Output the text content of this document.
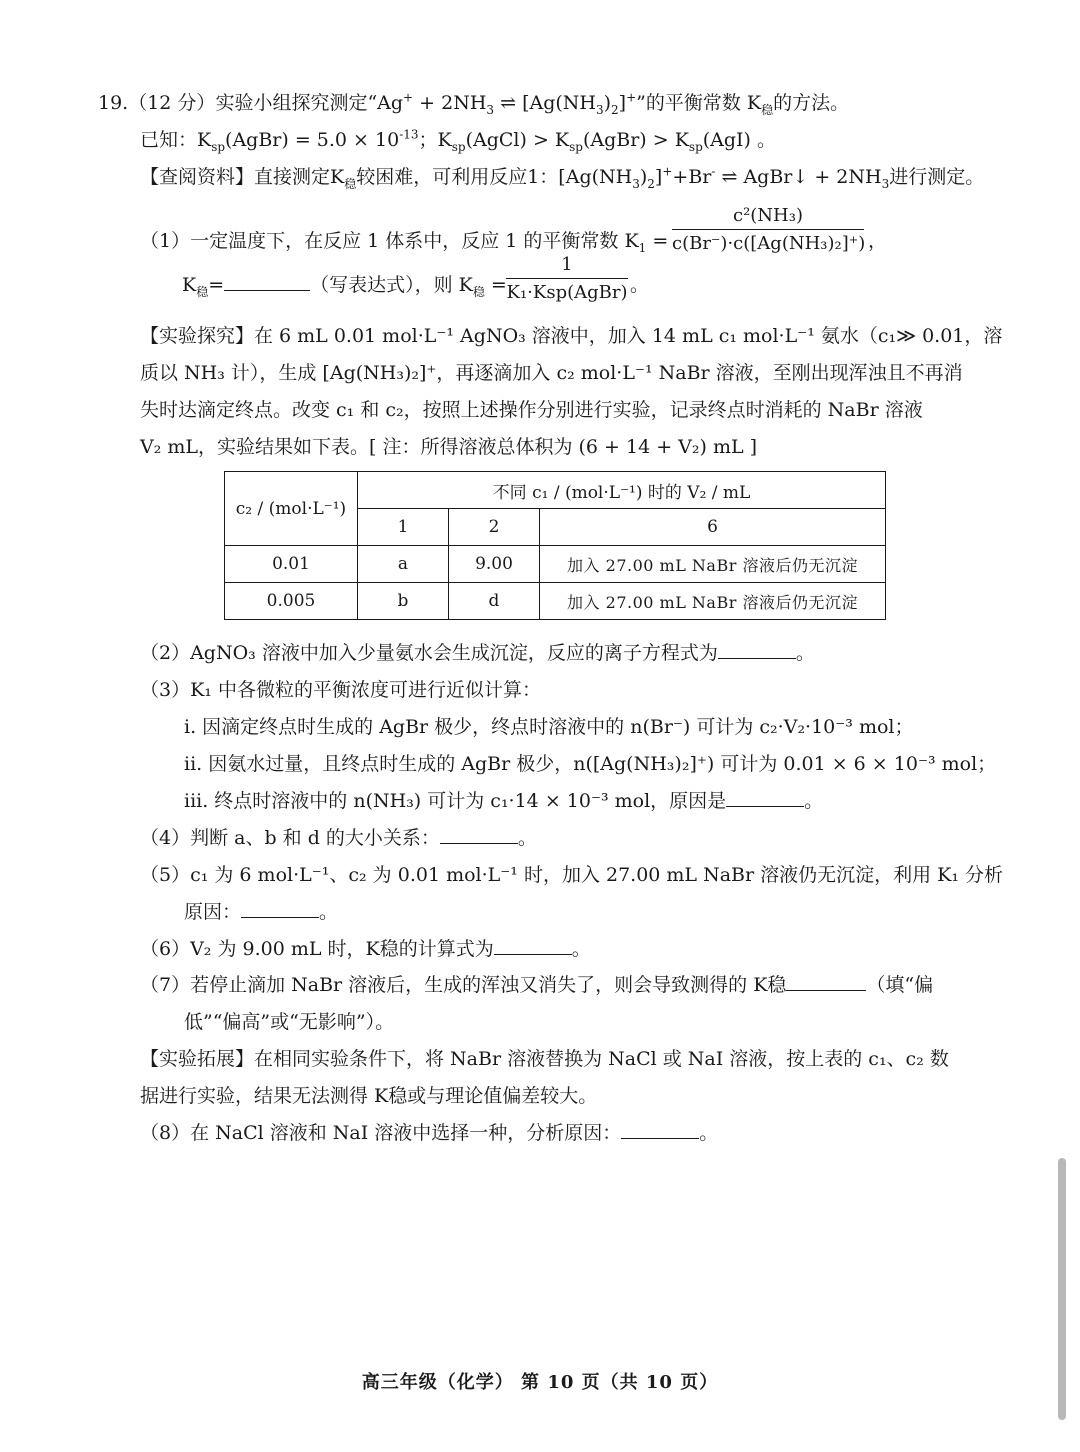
19.（12 分）实验小组探究测定“$Ag^+ + 2NH_3$ ⇌ $[Ag(NH_3)_2]^+$”的平衡常数 $K_稳$的方法。
已知：$K_{sp}(AgBr) = 5.0 \times 10^{-13}$；$K_{sp}(AgCl)$ > $K_{sp}(AgBr) > K_{sp}(AgI)$ 。
【查阅资料】直接测定$K_稳$较困难，可利用反应1：$[Ag(NH_3)_2]^++Br^-$ ⇌ AgBr↓ + $2NH_3$进行测定。
（1）一定温度下，在反应 1 体系中，反应 1 的平衡常数 $K_1$ =
c²(NH₃)
c(Br⁻)·c([Ag(NH₃)₂]⁺) ，
$K_稳=$	（写表达式），则 $K_稳$ =
1
K₁·Ksp(AgBr) 。
【实验探究】在 6 mL 0.01 mol·L⁻¹ AgNO₃ 溶液中，加入 14 mL c₁ mol·L⁻¹ 氨水（c₁≫ 0.01，溶
质以 NH₃ 计），生成 [Ag(NH₃)₂]⁺，再逐滴加入 c₂ mol·L⁻¹ NaBr 溶液，至刚出现浑浊且不再消
失时达滴定终点。改变 c₁ 和 c₂，按照上述操作分别进行实验，记录终点时消耗的 NaBr 溶液
V₂ mL，实验结果如下表。[ 注：所得溶液总体积为 (6 + 14 + V₂) mL ]
c₂ / (mol·L⁻¹)	不同 c₁ / (mol·L⁻¹) 时的 V₂ / mL		
	1	2	6
0.01	a	9.00	加入 27.00 mL NaBr 溶液后仍无沉淀
0.005	b	d	加入 27.00 mL NaBr 溶液后仍无沉淀
（2）AgNO₃ 溶液中加入少量氨水会生成沉淀，反应的离子方程式为	。
（3）K₁ 中各微粒的平衡浓度可进行近似计算：
i. 因滴定终点时生成的 AgBr 极少，终点时溶液中的 n(Br⁻) 可计为 c₂·V₂·10⁻³ mol；
ii. 因氨水过量，且终点时生成的 AgBr 极少，n([Ag(NH₃)₂]⁺) 可计为 0.01 × 6 × 10⁻³ mol；
iii. 终点时溶液中的 n(NH₃) 可计为 c₁·14 × 10⁻³ mol，原因是	。
（4）判断 a、b 和 d 的大小关系：	。
（5）c₁ 为 6 mol·L⁻¹、c₂ 为 0.01 mol·L⁻¹ 时，加入 27.00 mL NaBr 溶液仍无沉淀，利用 K₁ 分析
原因：	。
（6）V₂ 为 9.00 mL 时，K稳的计算式为	。
（7）若停止滴加 NaBr 溶液后，生成的浑浊又消失了，则会导致测得的 K稳	（填“偏
低”“偏高”或“无影响”）。
【实验拓展】在相同实验条件下，将 NaBr 溶液替换为 NaCl 或 NaI 溶液，按上表的 c₁、c₂ 数
据进行实验，结果无法测得 K稳或与理论值偏差较大。
（8）在 NaCl 溶液和 NaI 溶液中选择一种，分析原因：	。
高三年级（化学） 第 10 页（共 10 页）
